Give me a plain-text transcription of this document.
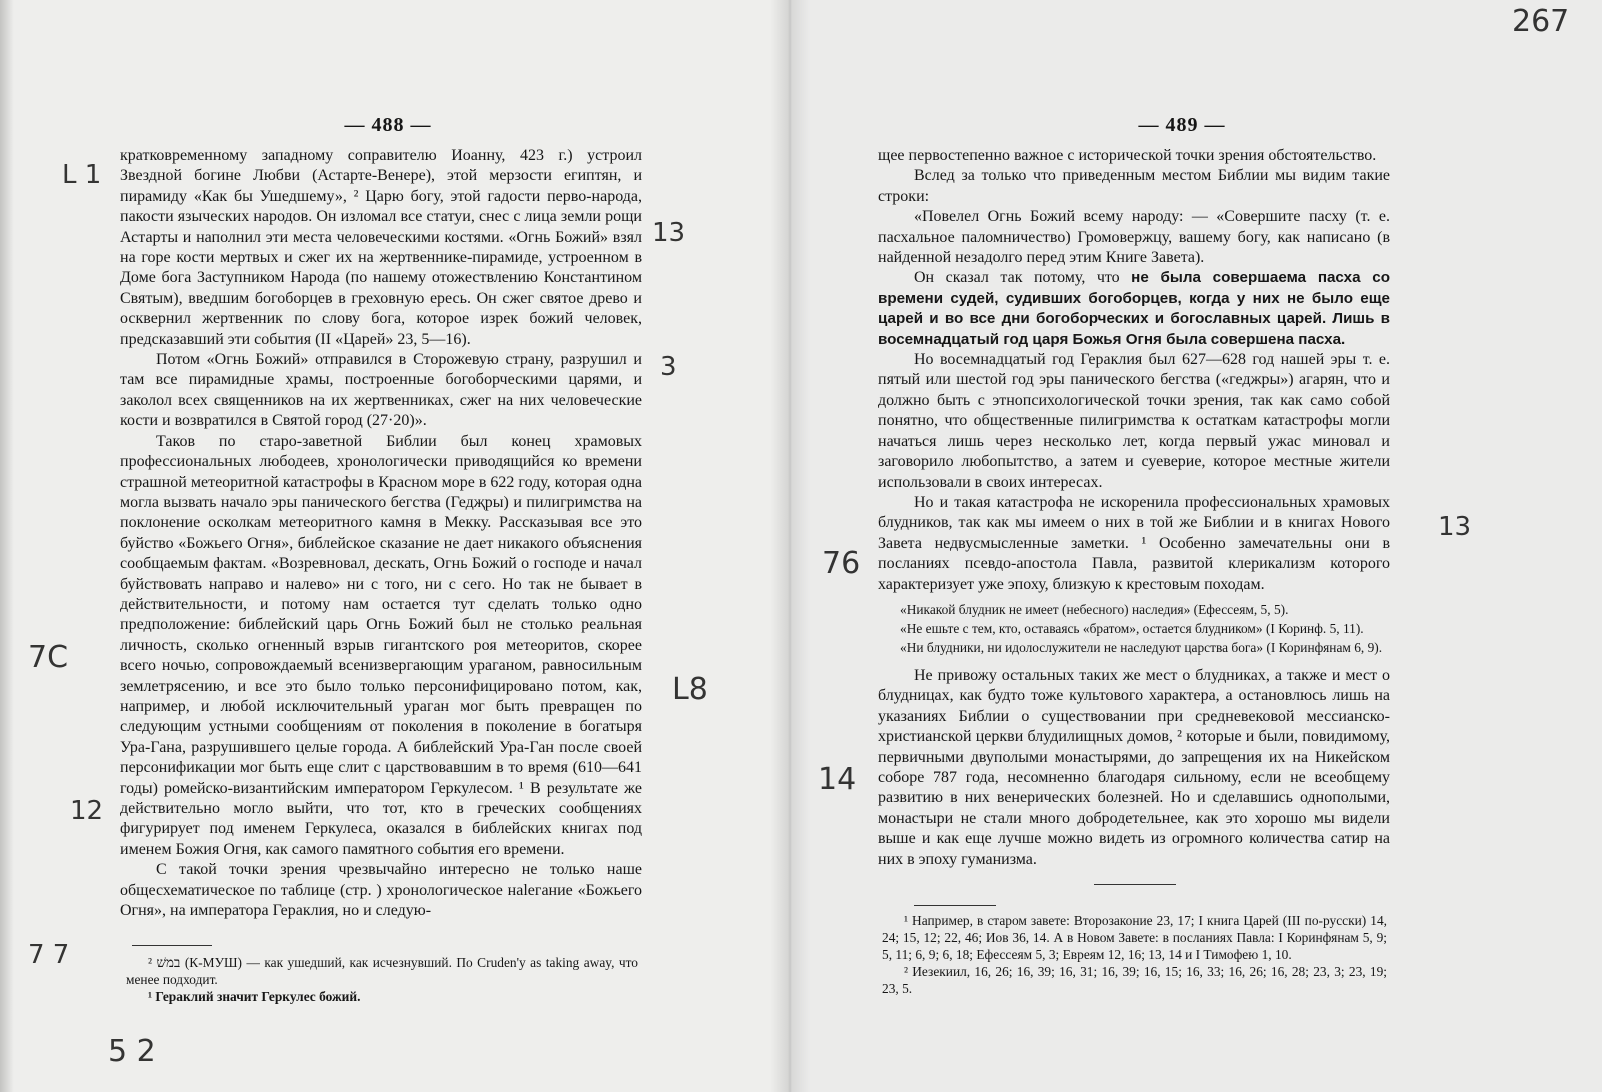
— 488 —

кратковременному западному соправителю Иоанну, 423 г.) устроил Звездной богине Любви (Астарте-Венере), этой мерзости египтян, и пирамиду «Как бы Ушедшему», ² Царю богу, этой гадости перво-народа, пакости языческих народов. Он изломал все статуи, снес с лица земли рощи Астарты и наполнил эти места человеческими костями. «Огнь Божий» взял на горе кости мертвых и сжег их на жертвеннике-пирамиде, устроенном в Доме бога Заступником Народа (по нашему отожествлению Константином Святым), введшим богоборцев в греховную ересь. Он сжег святое древо и осквернил жертвенник по слову бога, которое изрек божий человек, предсказавший эти события (II «Царей» 23, 5—16).

Потом «Огнь Божий» отправился в Сторожевую страну, разрушил и там все пирамидные храмы, построенные богоборческими царями, и заколол всех священников на их жертвенниках, сжег на них человеческие кости и возвратился в Святой город (27·20)».

Таков по старо-заветной Библии был конец храмовых профессиональных любодеев, хронологически приводящийся ко времени страшной метеоритной катастрофы в Красном море в 622 году, которая одна могла вызвать начало эры панического бегства (Гедҗры) и пилигримства на поклонение осколкам метеоритного камня в Мекку. Рассказывая все это буйство «Божьего Огня», библейское сказание не дает никакого объяснения сообщаемым фактам. «Возревновал, дескать, Огнь Божий о господе и начал буйствовать направо и налево» ни с того, ни с сего. Но так не бывает в действительности, и потому нам остается тут сделать только одно предположение: библейский царь Огнь Божий был не столько реальная личность, сколько огненный взрыв гигантского роя метеоритов, скорее всего ночью, сопровождаемый всенизвергающим ураганом, равносильным землетрясению, и все это было только персонифицировано потом, как, например, и любой исключительный ураган мог быть превращен по следующим устными сообщениям от поколения в поколение в богатыря Ура-Гана, разрушившего целые города. А библейский Ура-Ган после своей персонификации мог быть еще слит с царствовавшим в то время (610—641 годы) ромейско-византийским императором Геркулесом. ¹ В результате же действительно могло выйти, что тот, кто в греческих сообщениях фигурирует под именем Геркулеса, оказался в библейских книгах под именем Божия Огня, как самого памятного события его времени.

С такой точки зрения чрезвычайно интересно не только наше общесхематическое по таблице (стр. ) хронологическое наlегание «Божьего Огня», на императора Гераклия, но и следую-

² במשׁ (К-МУШ) — как ушедший, как исчезнувший. По Cruden'y as taking away, что менее подходит.

¹ Гераклий значит Геркулес божий.

L 1
13
3
7C
L8
12
7 7
5 2
— 489 —

щее первостепенно важное с исторической точки зрения обстоятельство.

Вслед за только что приведенным местом Библии мы видим такие строки:

«Повелел Огнь Божий всему народу: — «Совершите пасху (т. е. пасхальное паломничество) Громовержцу, вашему богу, как написано (в найденной незадолго перед этим Книге Завета).

Он сказал так потому, что не была совершаема пасха со времени судей, судивших богоборцев, когда у них не было еще царей и во все дни богоборческих и богославных царей. Лишь в восемнадцатый год царя Божья Огня была совершена пасха.

Но восемнадцатый год Гераклия был 627—628 год нашей эры т. е. пятый или шестой год эры панического бегства («геджры») агарян, что и должно быть с этнопсихологической точки зрения, так как само собой понятно, что общественные пилигримства к остаткам катастрофы могли начаться лишь через несколько лет, когда первый ужас миновал и заговорило любопытство, а затем и суеверие, которое местные жители использовали в своих интересах.

Но и такая катастрофа не искоренила профессиональных храмовых блудников, так как мы имеем о них в той же Библии и в книгах Нового Завета недвусмысленные заметки. ¹ Особенно замечательны они в посланиях псевдо-апостола Павла, развитой клерикализм которого характеризует уже эпоху, близкую к крестовым походам.

«Никакой блудник не имеет (небесного) наследия» (Ефессеям, 5, 5).

«Не ешьте с тем, кто, оставаясь «братом», остается блудником» (I Коринф. 5, 11).

«Ни блудники, ни идолослужители не наследуют царства бога» (I Коринфянам 6, 9).

Не привожу остальных таких же мест о блудниках, а также и мест о блудницах, как будто тоже культового характера, а остановлюсь лишь на указаниях Библии о существовании при средневековой мессианско-христианской церкви блудилищных домов, ² которые и были, повидимому, первичными двуполыми монастырями, до запрещения их на Никейском соборе 787 года, несомненно благодаря сильному, если не всеобщему развитию в них венерических болезней. Но и сделавшись однополыми, монастыри не стали много добродетельнее, как это хорошо мы видели выше и как еще лучше можно видеть из огромного количества сатир на них в эпоху гуманизма.

¹ Например, в старом завете: Второзаконие 23, 17; I книга Царей (III по-русски) 14, 24; 15, 12; 22, 46; Иов 36, 14. А в Новом Завете: в посланиях Павла: I Коринфянам 5, 9; 5, 11; 6, 9; 6, 18; Ефессеям 5, 3; Евреям 12, 16; 13, 14 и I Тимофею 1, 10.

² Иезекиил, 16, 26; 16, 39; 16, 31; 16, 39; 16, 15; 16, 33; 16, 26; 16, 28; 23, 3; 23, 19; 23, 5.

267
13
76
14
